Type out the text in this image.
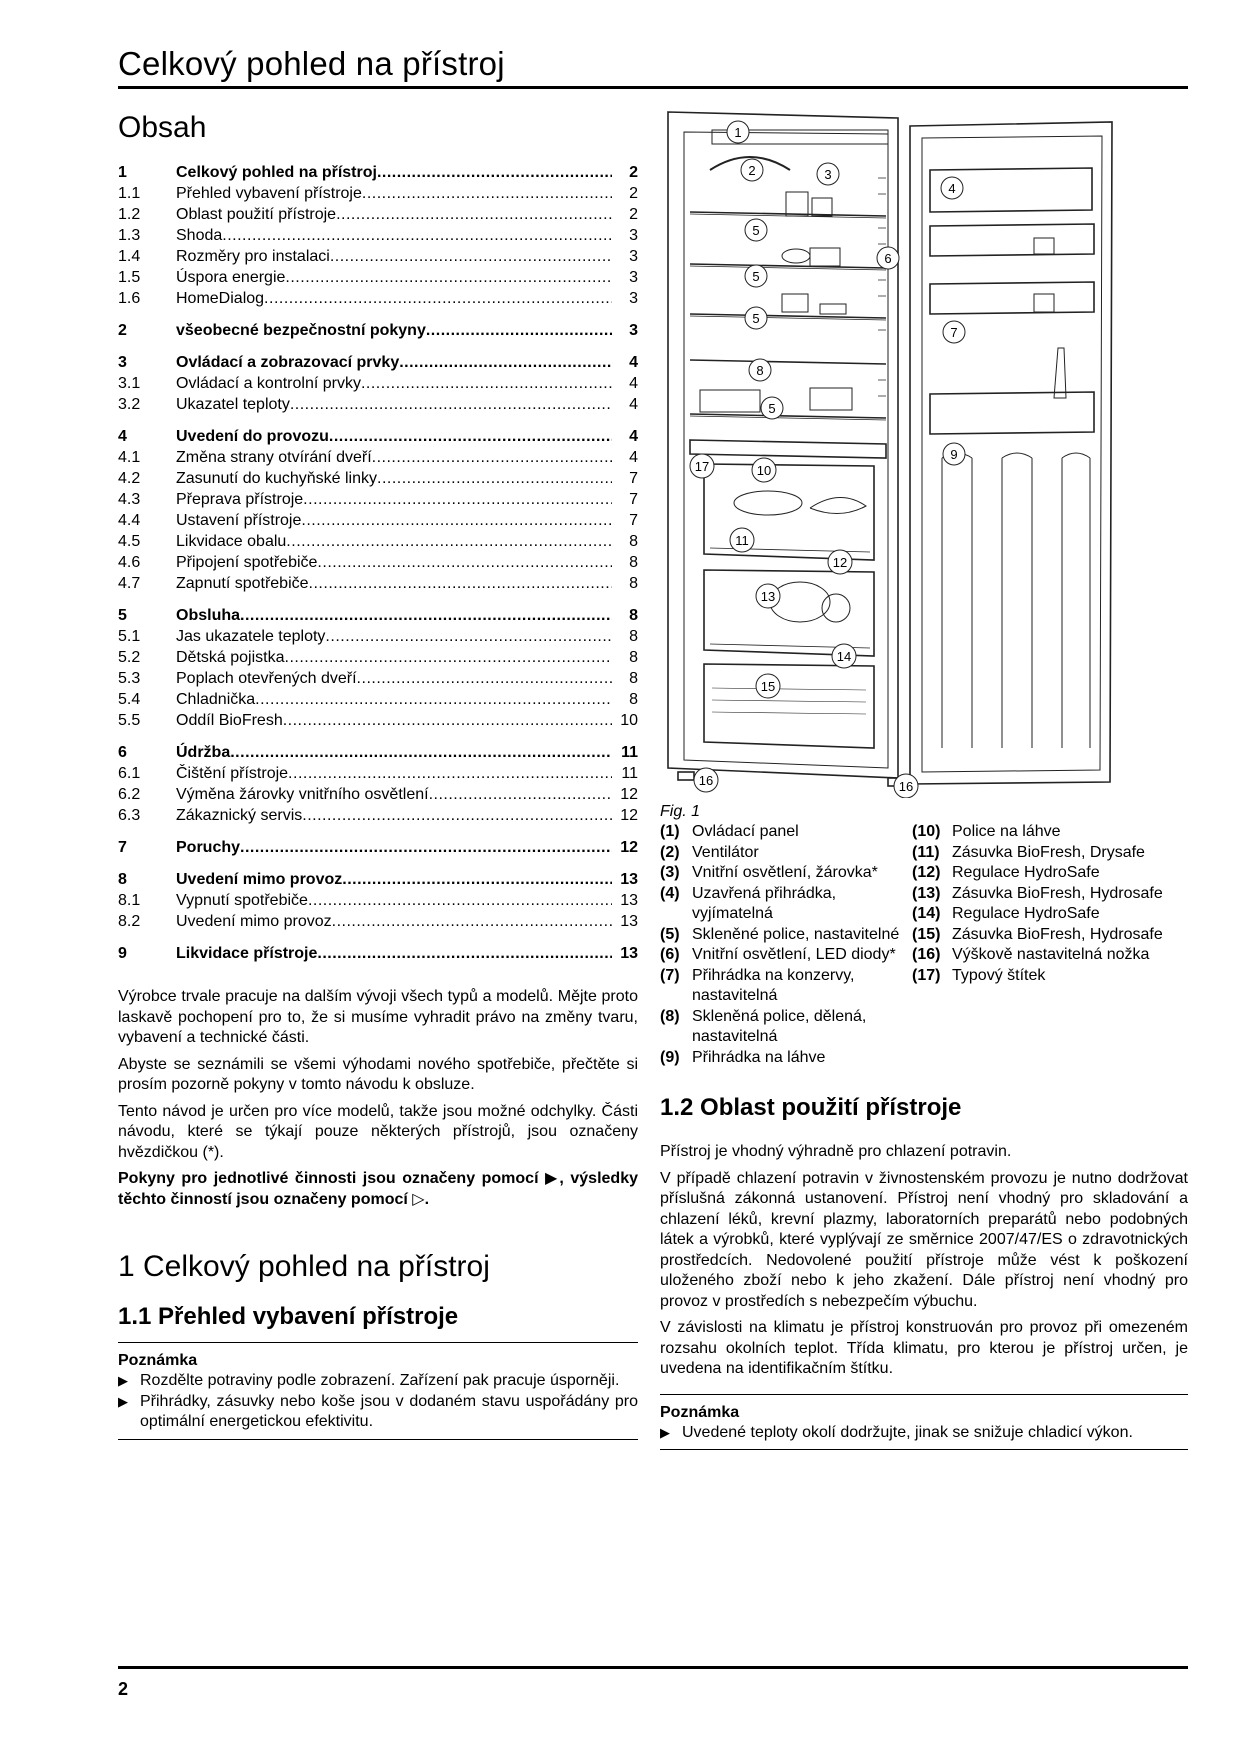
Celkový pohled na přístroj
Obsah
1	Celkový pohled na přístroj .....	2
1.1	Přehled vybavení přístroje .....	2
1.2	Oblast použití přístroje .....	2
1.3	Shoda .....	3
1.4	Rozměry pro instalaci .....	3
1.5	Úspora energie .....	3
1.6	HomeDialog .....	3
2	všeobecné bezpečnostní pokyny .....	3
3	Ovládací a zobrazovací prvky .....	4
3.1	Ovládací a kontrolní prvky .....	4
3.2	Ukazatel teploty .....	4
4	Uvedení do provozu .....	4
4.1	Změna strany otvírání dveří .....	4
4.2	Zasunutí do kuchyňské linky .....	7
4.3	Přeprava přístroje .....	7
4.4	Ustavení přístroje .....	7
4.5	Likvidace obalu .....	8
4.6	Připojení spotřebiče .....	8
4.7	Zapnutí spotřebiče .....	8
5	Obsluha .....	8
5.1	Jas ukazatele teploty .....	8
5.2	Dětská pojistka .....	8
5.3	Poplach otevřených dveří .....	8
5.4	Chladnička .....	8
5.5	Oddíl BioFresh .....	10
6	Údržba .....	11
6.1	Čištění přístroje .....	11
6.2	Výměna žárovky vnitřního osvětlení .....	12
6.3	Zákaznický servis .....	12
7	Poruchy .....	12
8	Uvedení mimo provoz .....	13
8.1	Vypnutí spotřebiče .....	13
8.2	Uvedení mimo provoz .....	13
9	Likvidace přístroje .....	13

Výrobce trvale pracuje na dalším vývoji všech typů a modelů. Mějte proto laskavě pochopení pro to, že si musíme vyhradit právo na změny tvaru, vybavení a technické části.

Abyste se seznámili se všemi výhodami nového spotřebiče, přečtěte si prosím pozorně pokyny v tomto návodu k obsluze.

Tento návod je určen pro více modelů, takže jsou možné odchylky. Části návodu, které se týkají pouze některých přístrojů, jsou označeny hvězdičkou (*).

Pokyny pro jednotlivé činnosti jsou označeny pomocí ▶, výsledky těchto činností jsou označeny pomocí ▷.

1 Celkový pohled na přístroj
1.1 Přehled vybavení přístroje
Poznámka
▶ Rozdělte potraviny podle zobrazení. Zařízení pak pracuje úsporněji.
▶ Přihrádky, zásuvky nebo koše jsou v dodaném stavu uspořádány pro optimální energetickou efektivitu.
1
2	3
4
5
5
6
5
7
8
5
9
17	10
11
12
13
14
15
16	16
Fig. 1
(1) Ovládací panel
(2) Ventilátor
(3) Vnitřní osvětlení, žárovka*
(4) Uzavřená přihrádka, vyjímatelná
(5) Skleněné police, nastavitelné
(6) Vnitřní osvětlení, LED diody*
(7) Přihrádka na konzervy, nastavitelná
(8) Skleněná police, dělená, nastavitelná
(9) Přihrádka na láhve
(10) Police na láhve
(11) Zásuvka BioFresh, Drysafe
(12) Regulace HydroSafe
(13) Zásuvka BioFresh, Hydrosafe
(14) Regulace HydroSafe
(15) Zásuvka BioFresh, Hydrosafe
(16) Výškově nastavitelná nožka
(17) Typový štítek
1.2 Oblast použití přístroje

Přístroj je vhodný výhradně pro chlazení potravin.

V případě chlazení potravin v živnostenském provozu je nutno dodržovat příslušná zákonná ustanovení. Přístroj není vhodný pro skladování a chlazení léků, krevní plazmy, laboratorních preparátů nebo podobných látek a výrobků, které vyplývají ze směrnice 2007/47/ES o zdravotnických prostředcích. Nedovolené použití přístroje může vést k poškození uloženého zboží nebo k jeho zkažení. Dále přístroj není vhodný pro provoz v prostředích s nebezpečím výbuchu.

V závislosti na klimatu je přístroj konstruován pro provoz při omezeném rozsahu okolních teplot. Třída klimatu, pro kterou je přístroj určen, je uvedena na identifikačním štítku.

Poznámka
▶ Uvedené teploty okolí dodržujte, jinak se snižuje chladicí výkon.
2
